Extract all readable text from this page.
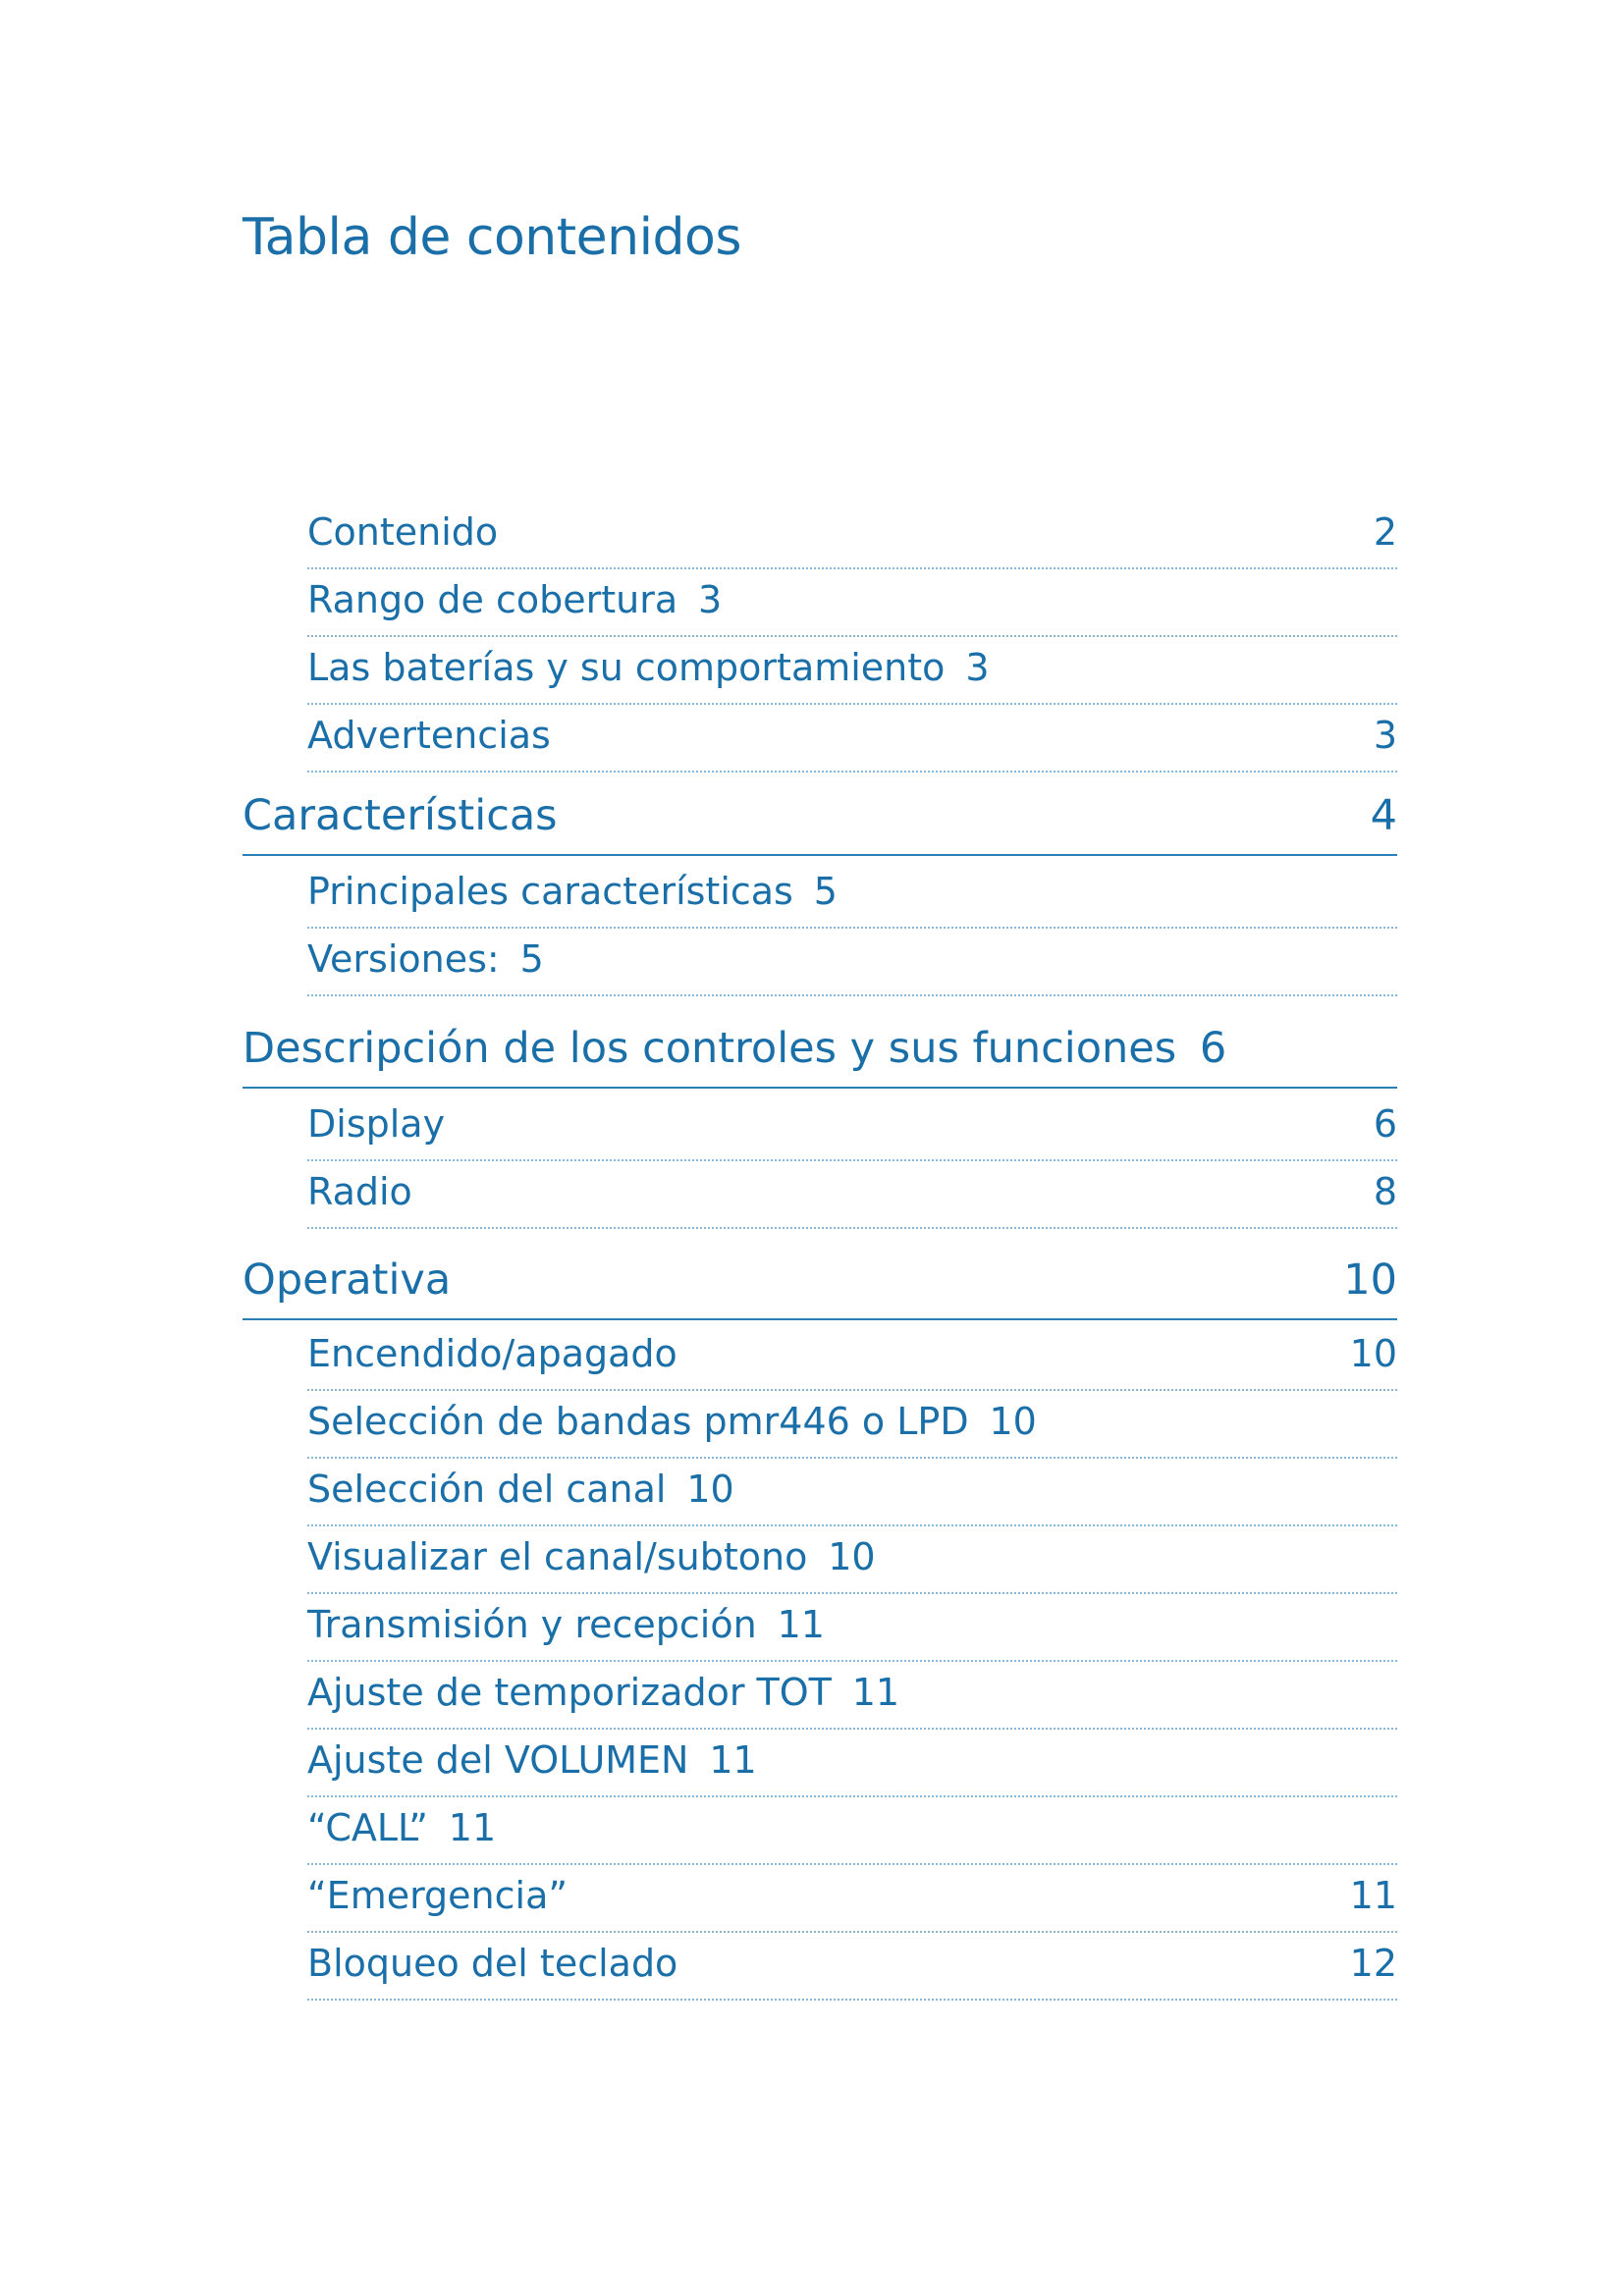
Tabla de contenidos
Contenido	2
Rango de cobertura 3
Las baterías y su comportamiento 3
Advertencias	3
Características	4
Principales características 5
Versiones: 5
Descripción de los controles y sus funciones 6
Display	6
Radio	8
Operativa	10
Encendido/apagado	10
Selección de bandas pmr446 o LPD 10
Selección del canal 10
Visualizar el canal/subtono 10
Transmisión y recepción 11
Ajuste de temporizador TOT 11
Ajuste del VOLUMEN 11
“CALL” 11
“Emergencia”	11
Bloqueo del teclado	12
